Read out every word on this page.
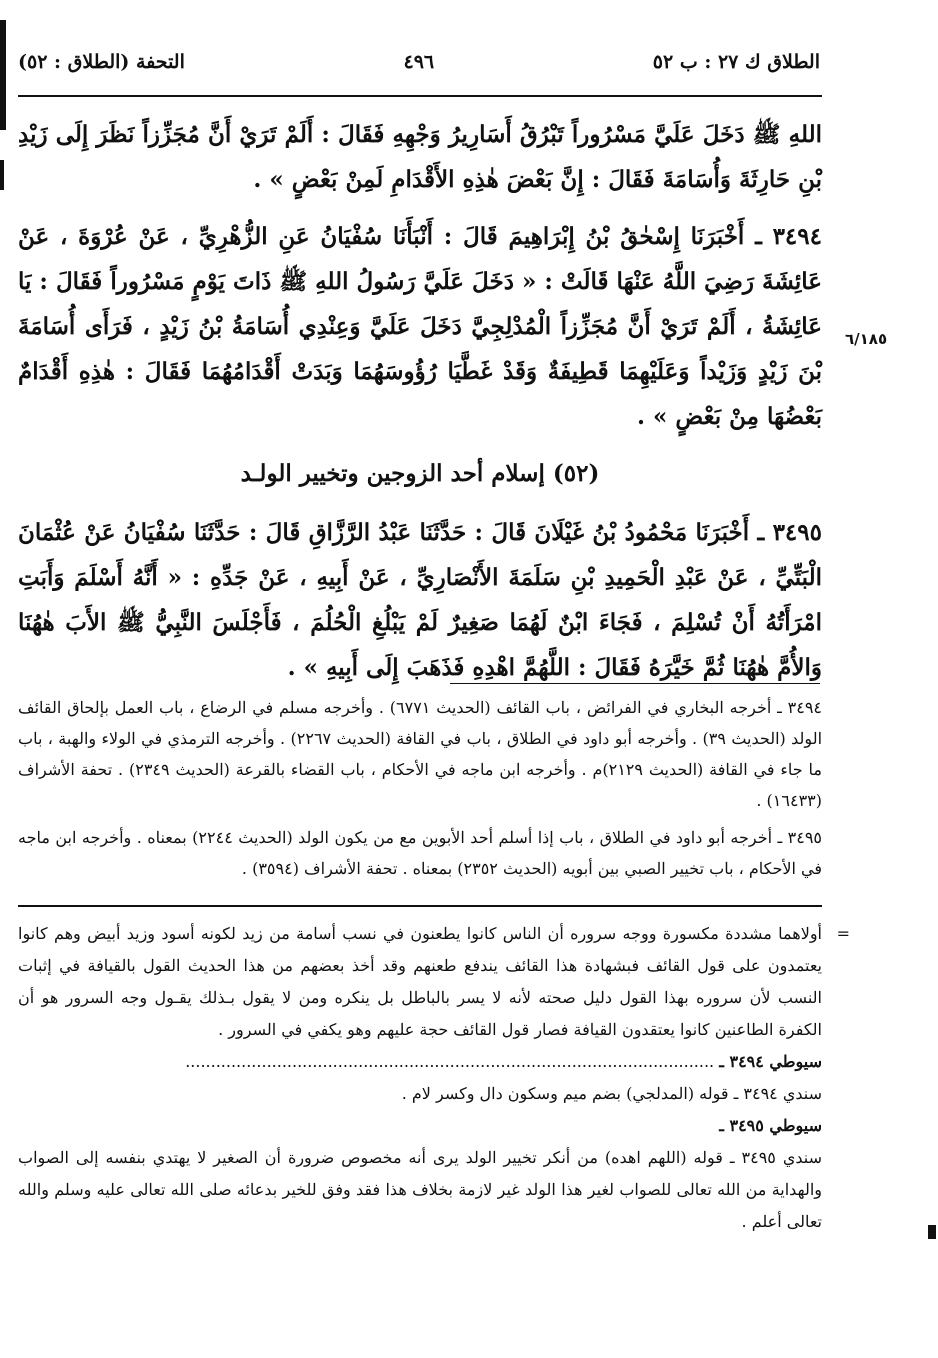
الطلاق ك ٢٧ : ب ٥٢
٤٩٦
التحفة (الطلاق : ٥٢)
٦/١٨٥

اللهِ ﷺ دَخَلَ عَلَيَّ مَسْرُوراً تَبْرُقُ أَسَارِيرُ وَجْهِهِ فَقَالَ : أَلَمْ تَرَيْ أَنَّ مُجَزِّزاً نَظَرَ إِلَى زَيْدِ بْنِ حَارِثَةَ وَأُسَامَةَ فَقَالَ : إِنَّ بَعْضَ هٰذِهِ الأَقْدَامِ لَمِنْ بَعْضٍ » .

٣٤٩٤ ـ أَخْبَرَنَا إِسْحٰقُ بْنُ إِبْرَاهِيمَ قَالَ : أَنْبَأَنَا سُفْيَانُ عَنِ الزُّهْرِيِّ ، عَنْ عُرْوَةَ ، عَنْ عَائِشَةَ رَضِيَ اللَّهُ عَنْهَا قَالَتْ : « دَخَلَ عَلَيَّ رَسُولُ اللهِ ﷺ ذَاتَ يَوْمٍ مَسْرُوراً فَقَالَ : يَا عَائِشَةُ ، أَلَمْ تَرَيْ أَنَّ مُجَزِّزاً الْمُدْلِجِيَّ دَخَلَ عَلَيَّ وَعِنْدِي أُسَامَةُ بْنُ زَيْدٍ ، فَرَأَى أُسَامَةَ بْنَ زَيْدٍ وَزَيْداً وَعَلَيْهِمَا قَطِيفَةٌ وَقَدْ غَطَّيَا رُؤُوسَهُمَا وَبَدَتْ أَقْدَامُهُمَا فَقَالَ : هٰذِهِ أَقْدَامٌ بَعْضُهَا مِنْ بَعْضٍ » .

(٥٢) إسلام أحد الزوجين وتخيير الولـد

٣٤٩٥ ـ أَخْبَرَنَا مَحْمُودُ بْنُ غَيْلَانَ قَالَ : حَدَّثَنَا عَبْدُ الرَّزَّاقِ قَالَ : حَدَّثَنَا سُفْيَانُ عَنْ عُثْمَانَ الْبَتِّيِّ ، عَنْ عَبْدِ الْحَمِيدِ بْنِ سَلَمَةَ الأَنْصَارِيِّ ، عَنْ أَبِيهِ ، عَنْ جَدِّهِ : « أَنَّهُ أَسْلَمَ وَأَبَتِ امْرَأَتُهُ أَنْ تُسْلِمَ ، فَجَاءَ ابْنٌ لَهُمَا صَغِيرٌ لَمْ يَبْلُغِ الْحُلُمَ ، فَأَجْلَسَ النَّبِيُّ ﷺ الأَبَ هٰهُنَا وَالأُمَّ هٰهُنَا ثُمَّ خَيَّرَهُ فَقَالَ : اللَّهُمَّ اهْدِهِ فَذَهَبَ إِلَى أَبِيهِ » .

٣٤٩٤ ـ أخرجه البخاري في الفرائض ، باب القائف (الحديث ٦٧٧١) . وأخرجه مسلم في الرضاع ، باب العمل بإلحاق القائف الولد (الحديث ٣٩) . وأخرجه أبو داود في الطلاق ، باب في القافة (الحديث ٢٢٦٧) . وأخرجه الترمذي في الولاء والهبة ، باب ما جاء في القافة (الحديث ٢١٢٩)م . وأخرجه ابن ماجه في الأحكام ، باب القضاء بالقرعة (الحديث ٢٣٤٩) . تحفة الأشراف (١٦٤٣٣) .

٣٤٩٥ ـ أخرجه أبو داود في الطلاق ، باب إذا أسلم أحد الأبوين مع من يكون الولد (الحديث ٢٢٤٤) بمعناه . وأخرجه ابن ماجه في الأحكام ، باب تخيير الصبي بين أبويه (الحديث ٢٣٥٢) بمعناه . تحفة الأشراف (٣٥٩٤) .

=

أولاهما مشددة مكسورة ووجه سروره أن الناس كانوا يطعنون في نسب أسامة من زيد لكونه أسود وزيد أبيض وهم كانوا يعتمدون على قول القائف فبشهادة هذا القائف يندفع طعنهم وقد أخذ بعضهم من هذا الحديث القول بالقيافة في إثبات النسب لأن سروره بهذا القول دليل صحته لأنه لا يسر بالباطل بل ينكره ومن لا يقول بـذلك يقـول وجه السرور هو أن الكفرة الطاعنين كانوا يعتقدون القيافة فصار قول القائف حجة عليهم وهو يكفي في السرور .

سيوطي ٣٤٩٤ ـ ........................................................................................................

سندي ٣٤٩٤ ـ قوله (المدلجي) بضم ميم وسكون دال وكسر لام .

سيوطي ٣٤٩٥ ـ

سندي ٣٤٩٥ ـ قوله (اللهم اهده) من أنكر تخيير الولد يرى أنه مخصوص ضرورة أن الصغير لا يهتدي بنفسه إلى الصواب والهداية من الله تعالى للصواب لغير هذا الولد غير لازمة بخلاف هذا فقد وفق للخير بدعائه صلى الله تعالى عليه وسلم والله تعالى أعلم .
